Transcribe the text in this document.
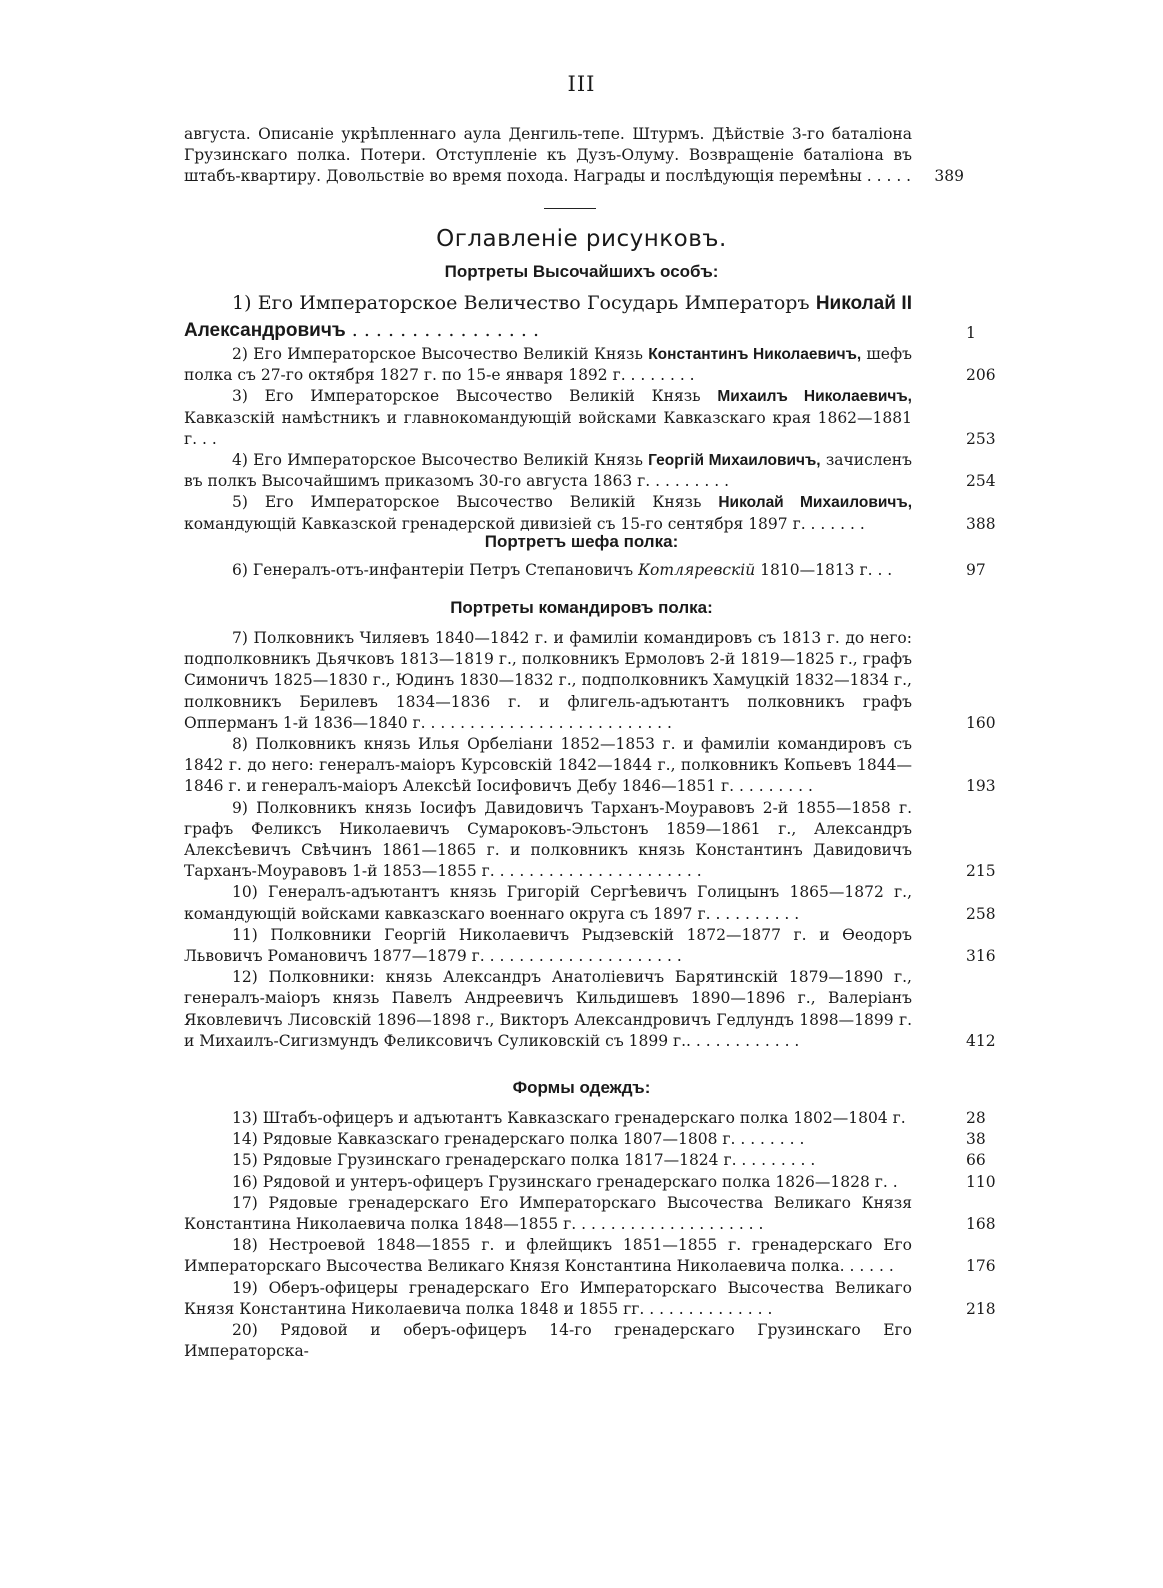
III
августа. Описаніе укрѣпленнаго аула Денгиль-тепе. Штурмъ. Дѣйствіе 3-го баталіона Грузинскаго полка. Потери. Отступленіе къ Дузъ-Олуму. Возвращеніе баталіона въ штабъ-квартиру. Довольствіе во время похода. Награды и послѣдующія перемѣны . . . . .	389
Оглавленіе рисунковъ.
Портреты Высочайшихъ особъ:
1) Его Императорское Величество Государь Императоръ Николай II Александровичъ . . . . . . . . . . . . . . . .	1
2) Его Императорское Высочество Великій Князь Константинъ Николаевичъ, шефъ полка съ 27-го октября 1827 г. по 15-е января 1892 г. . . . . . . .	206
3) Его Императорское Высочество Великій Князь Михаилъ Николаевичъ, Кавказскій намѣстникъ и главнокомандующій войсками Кавказскаго края 1862—1881 г. . .	253
4) Его Императорское Высочество Великій Князь Георгій Михаиловичъ, зачисленъ въ полкъ Высочайшимъ приказомъ 30-го августа 1863 г. . . . . . . . .	254
5) Его Императорское Высочество Великій Князь Николай Михаиловичъ, командующій Кавказской гренадерской дивизіей съ 15-го сентября 1897 г. . . . . . .	388
Портретъ шефа полка:
6) Генералъ-отъ-инфантеріи Петръ Степановичъ Котляревскій 1810—1813 г. . .	97
Портреты командировъ полка:
7) Полковникъ Чиляевъ 1840—1842 г. и фамиліи командировъ съ 1813 г. до него: подполковникъ Дьячковъ 1813—1819 г., полковникъ Ермоловъ 2-й 1819—1825 г., графъ Симоничъ 1825—1830 г., Юдинъ 1830—1832 г., подполковникъ Хамуцкій 1832—1834 г., полковникъ Берилевъ 1834—1836 г. и флигель-адъютантъ полковникъ графъ Опперманъ 1-й 1836—1840 г. . . . . . . . . . . . . . . . . . . . . . . . . .	160
8) Полковникъ князь Илья Орбеліани 1852—1853 г. и фамиліи командировъ съ 1842 г. до него: генералъ-маіоръ Курсовскій 1842—1844 г., полковникъ Копьевъ 1844—1846 г. и генералъ-маіоръ Алексѣй Іосифовичъ Дебу 1846—1851 г. . . . . . . . .	193
9) Полковникъ князь Іосифъ Давидовичъ Тарханъ-Моуравовъ 2-й 1855—1858 г. графъ Феликсъ Николаевичъ Сумароковъ-Эльстонъ 1859—1861 г., Александръ Алексѣевичъ Свѣчинъ 1861—1865 г. и полковникъ князь Константинъ Давидовичъ Тарханъ-Моуравовъ 1-й 1853—1855 г. . . . . . . . . . . . . . . . . . . . . .	215
10) Генералъ-адъютантъ князь Григорій Сергѣевичъ Голицынъ 1865—1872 г., командующій войсками кавказскаго военнаго округа съ 1897 г. . . . . . . . . .	258
11) Полковники Георгій Николаевичъ Рыдзевскій 1872—1877 г. и Ѳеодоръ Львовичъ Романовичъ 1877—1879 г. . . . . . . . . . . . . . . . . . . . .	316
12) Полковники: князь Александръ Анатоліевичъ Барятинскій 1879—1890 г., генералъ-маіоръ князь Павелъ Андреевичъ Кильдишевъ 1890—1896 г., Валеріанъ Яковлевичъ Лисовскій 1896—1898 г., Викторъ Александровичъ Гедлундъ 1898—1899 г. и Михаилъ-Сигизмундъ Феликсовичъ Суликовскій съ 1899 г.. . . . . . . . . . . .	412
Формы одеждъ:
13) Штабъ-офицеръ и адъютантъ Кавказскаго гренадерскаго полка 1802—1804 г.	28
14) Рядовые Кавказскаго гренадерскаго полка 1807—1808 г. . . . . . . .	38
15) Рядовые Грузинскаго гренадерскаго полка 1817—1824 г. . . . . . . . .	66
16) Рядовой и унтеръ-офицеръ Грузинскаго гренадерскаго полка 1826—1828 г. .	110
17) Рядовые гренадерскаго Его Императорскаго Высочества Великаго Князя Константина Николаевича полка 1848—1855 г. . . . . . . . . . . . . . . . . . . .	168
18) Нестроевой 1848—1855 г. и флейщикъ 1851—1855 г. гренадерскаго Его Императорскаго Высочества Великаго Князя Константина Николаевича полка. . . . . .	176
19) Оберъ-офицеры гренадерскаго Его Императорскаго Высочества Великаго Князя Константина Николаевича полка 1848 и 1855 гг. . . . . . . . . . . . . .	218
20) Рядовой и оберъ-офицеръ 14-го гренадерскаго Грузинскаго Его Императорска-
